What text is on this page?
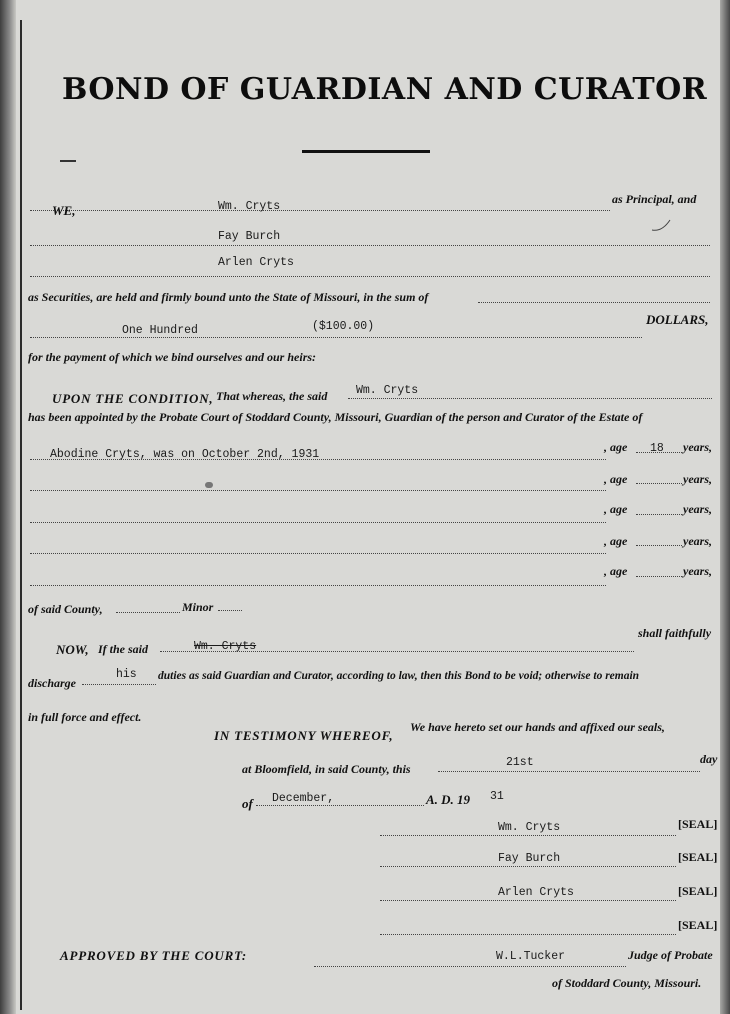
BOND OF GUARDIAN AND CURATOR
WE,	Wm. Cryts
as Principal, and
Fay Burch
Arlen Cryts
as Securities, are held and firmly bound unto the State of Missouri, in the sum of
One Hundred	($100.00)	DOLLARS,
for the payment of which we bind ourselves and our heirs:
UPON THE CONDITION, That whereas, the said Wm. Cryts
has been appointed by the Probate Court of Stoddard County, Missouri, Guardian of the person and Curator of the Estate of
Abodine Cryts, was on October 2nd, 1931
, age 18 years,
, age	years,
, age	years,
, age	years,
, age	years,
of said County,	Minor
NOW, If the said	Wm. Cryts
shall faithfully
discharge
his duties as said Guardian and Curator, according to law, then this Bond to be void; otherwise to remain
in full force and effect.
IN TESTIMONY WHEREOF,
We have hereto set our hands and affixed our seals,
at Bloomfield, in said County, this	21st	day
of December,	A. D. 19 31
Wm. Cryts	[SEAL]
Fay Burch	[SEAL]
Arlen Cryts	[SEAL]
[SEAL]
APPROVED BY THE COURT:	W.L.Tucker	Judge of Probate
of Stoddard County, Missouri.
